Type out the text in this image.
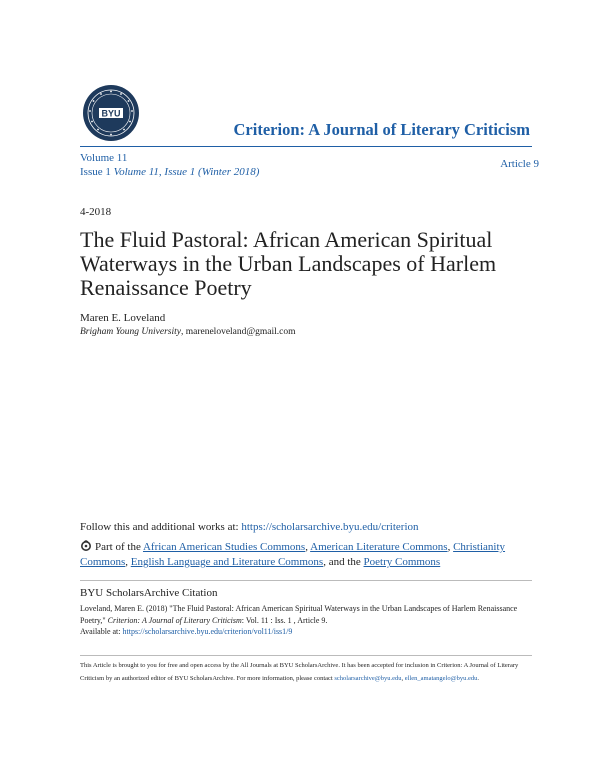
BYU
Criterion: A Journal of Literary Criticism
Volume 11
Issue 1 Volume 11, Issue 1 (Winter 2018)
Article 9
4-2018
The Fluid Pastoral: African American Spiritual Waterways in the Urban Landscapes of Harlem Renaissance Poetry
Maren E. Loveland
Brigham Young University, mareneloveland@gmail.com
Follow this and additional works at: https://scholarsarchive.byu.edu/criterion
Part of the African American Studies Commons, American Literature Commons, Christianity Commons, English Language and Literature Commons, and the Poetry Commons
BYU ScholarsArchive Citation
Loveland, Maren E. (2018) "The Fluid Pastoral: African American Spiritual Waterways in the Urban Landscapes of Harlem Renaissance Poetry," Criterion: A Journal of Literary Criticism: Vol. 11 : Iss. 1 , Article 9.
Available at: https://scholarsarchive.byu.edu/criterion/vol11/iss1/9
This Article is brought to you for free and open access by the All Journals at BYU ScholarsArchive. It has been accepted for inclusion in Criterion: A Journal of Literary Criticism by an authorized editor of BYU ScholarsArchive. For more information, please contact scholarsarchive@byu.edu, ellen_amatangelo@byu.edu.
